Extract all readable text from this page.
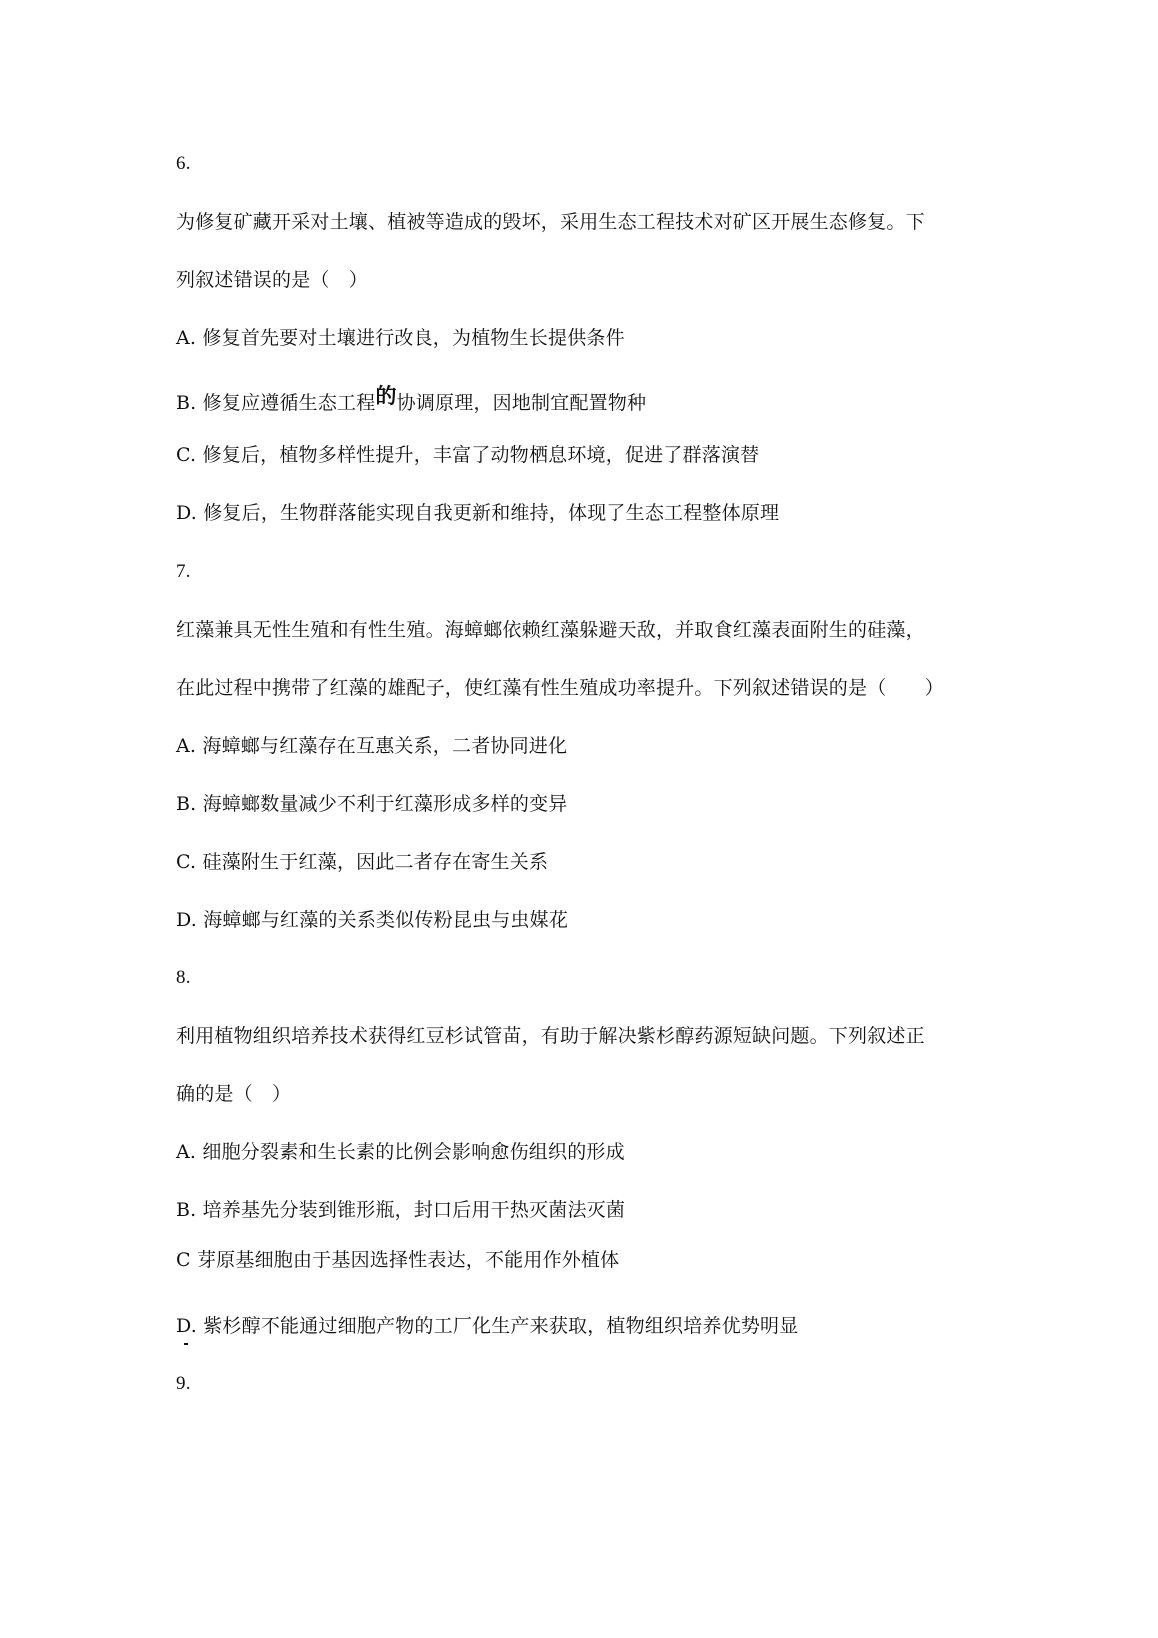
6.
为修复矿藏开采对土壤、植被等造成的毁坏，采用生态工程技术对矿区开展生态修复。下
列叙述错误的是（　）
A. 修复首先要对土壤进行改良，为植物生长提供条件
B. 修复应遵循生态工程的协调原理，因地制宜配置物种
C. 修复后，植物多样性提升，丰富了动物栖息环境，促进了群落演替
D. 修复后，生物群落能实现自我更新和维持，体现了生态工程整体原理
7.
红藻兼具无性生殖和有性生殖。海蟑螂依赖红藻躲避天敌，并取食红藻表面附生的硅藻，
在此过程中携带了红藻的雄配子，使红藻有性生殖成功率提升。下列叙述错误的是（　　）
A. 海蟑螂与红藻存在互惠关系，二者协同进化
B. 海蟑螂数量减少不利于红藻形成多样的变异
C. 硅藻附生于红藻，因此二者存在寄生关系
D. 海蟑螂与红藻的关系类似传粉昆虫与虫媒花
8.
利用植物组织培养技术获得红豆杉试管苗，有助于解决紫杉醇药源短缺问题。下列叙述正
确的是（　）
A. 细胞分裂素和生长素的比例会影响愈伤组织的形成
B. 培养基先分装到锥形瓶，封口后用干热灭菌法灭菌
C 芽原基细胞由于基因选择性表达，不能用作外植体
D. 紫杉醇不能通过细胞产物的工厂化生产来获取，植物组织培养优势明显
9.
